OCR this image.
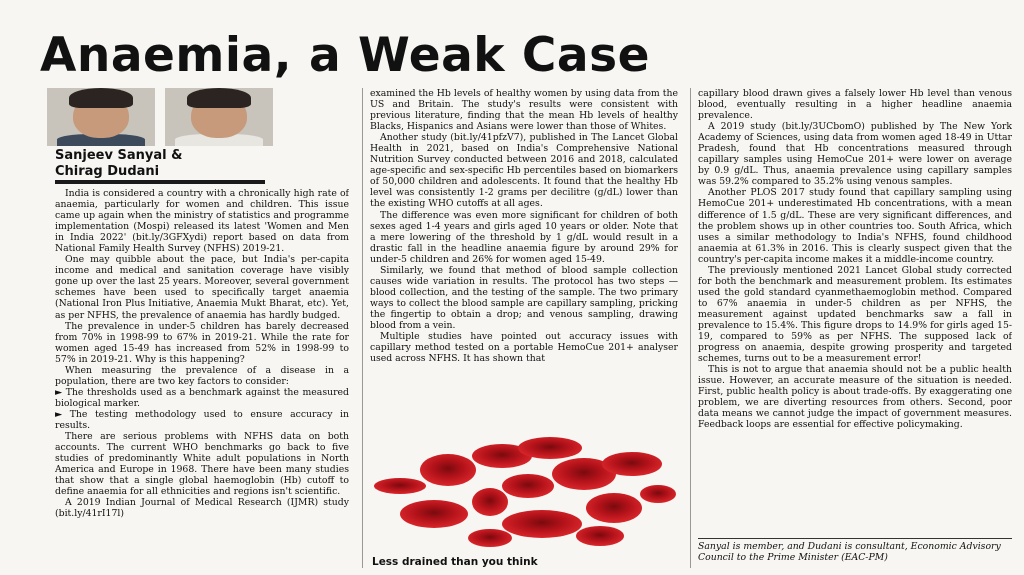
Anaemia, a Weak Case
Sanjeev Sanyal &
Chirag Dudani

India is considered a country with a chronically high rate of anaemia, particularly for women and children. This issue came up again when the ministry of statistics and programme implementation (Mospi) released its latest 'Women and Men in India 2022' (bit.ly/3GFXydi) report based on data from National Family Health Survey (NFHS) 2019-21.

One may quibble about the pace, but India's per-capita income and medical and sanitation coverage have visibly gone up over the last 25 years. Moreover, several government schemes have been used to specifically target anaemia (National Iron Plus Initiative, Anaemia Mukt Bharat, etc). Yet, as per NFHS, the prevalence of anaemia has hardly budged.

The prevalence in under-5 children has barely decreased from 70% in 1998-99 to 67% in 2019-21. While the rate for women aged 15-49 has increased from 52% in 1998-99 to 57% in 2019-21. Why is this happening?

When measuring the prevalence of a disease in a population, there are two key factors to consider:

► The thresholds used as a benchmark against the measured biological marker.

► The testing methodology used to ensure accuracy in results.

There are serious problems with NFHS data on both accounts. The current WHO benchmarks go back to five studies of predominantly White adult populations in North America and Europe in 1968. There have been many studies that show that a single global haemoglobin (Hb) cutoff to define anaemia for all ethnicities and regions isn't scientific.

A 2019 Indian Journal of Medical Research (IJMR) study (bit.ly/41rI17l)

examined the Hb levels of healthy women by using data from the US and Britain. The study's results were consistent with previous literature, finding that the mean Hb levels of healthy Blacks, Hispanics and Asians were lower than those of Whites.

Another study (bit.ly/41pfzV7), published in The Lancet Global Health in 2021, based on India's Comprehensive National Nutrition Survey conducted between 2016 and 2018, calculated age-specific and sex-specific Hb percentiles based on biomarkers of 50,000 children and adolescents. It found that the healthy Hb level was consistently 1-2 grams per decilitre (g/dL) lower than the existing WHO cutoffs at all ages.

The difference was even more significant for children of both sexes aged 1-4 years and girls aged 10 years or older. Note that a mere lowering of the threshold by 1 g/dL would result in a drastic fall in the headline anaemia figure by around 29% for under-5 children and 26% for women aged 15-49.

Similarly, we found that method of blood sample collection causes wide variation in results. The protocol has two steps — blood collection, and the testing of the sample. The two primary ways to collect the blood sample are capillary sampling, pricking the fingertip to obtain a drop; and venous sampling, drawing blood from a vein.

Multiple studies have pointed out accuracy issues with capillary method tested on a portable HemoCue 201+ analyser used across NFHS. It has shown that

capillary blood drawn gives a falsely lower Hb level than venous blood, eventually resulting in a higher headline anaemia prevalence.

A 2019 study (bit.ly/3UCbomO) published by The New York Academy of Sciences, using data from women aged 18-49 in Uttar Pradesh, found that Hb concentrations measured through capillary samples using HemoCue 201+ were lower on average by 0.9 g/dL. Thus, anaemia prevalence using capillary samples was 59.2% compared to 35.2% using venous samples.

Another PLOS 2017 study found that capillary sampling using HemoCue 201+ underestimated Hb concentrations, with a mean difference of 1.5 g/dL. These are very significant differences, and the problem shows up in other countries too. South Africa, which uses a similar methodology to India's NFHS, found childhood anaemia at 61.3% in 2016. This is clearly suspect given that the country's per-capita income makes it a middle-income country.

The previously mentioned 2021 Lancet Global study corrected for both the benchmark and measurement problem. Its estimates used the gold standard cyanmethaemoglobin method. Compared to 67% anaemia in under-5 children as per NFHS, the measurement against updated benchmarks saw a fall in prevalence to 15.4%. This figure drops to 14.9% for girls aged 15-19, compared to 59% as per NFHS. The supposed lack of progress on anaemia, despite growing prosperity and targeted schemes, turns out to be a measurement error!

This is not to argue that anaemia should not be a public health issue. However, an accurate measure of the situation is needed. First, public health policy is about trade-offs. By exaggerating one problem, we are diverting resources from others. Second, poor data means we cannot judge the impact of government measures. Feedback loops are essential for effective policymaking.

Less drained than you think
Sanyal is member, and Dudani is consultant, Economic Advisory Council to the Prime Minister (EAC-PM)
